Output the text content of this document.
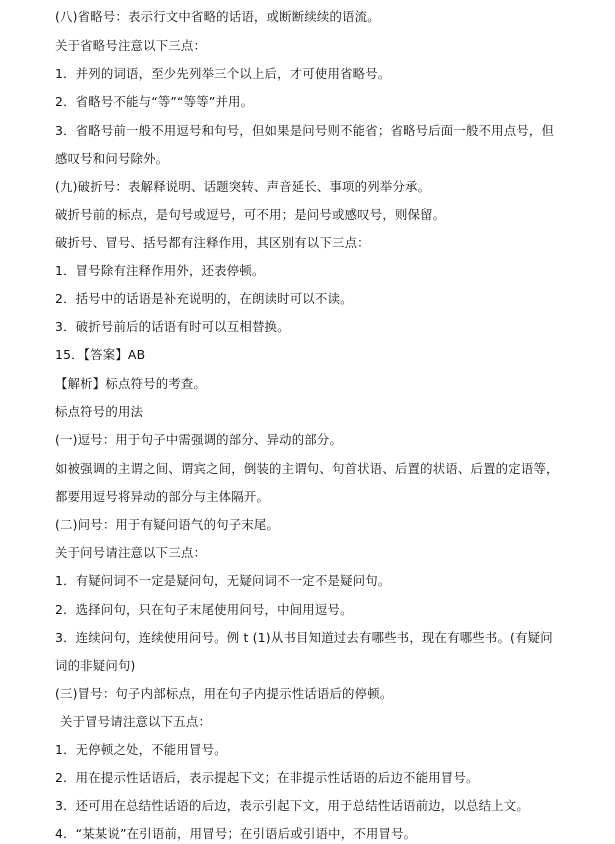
(八)省略号：表示行文中省略的话语，或断断续续的语流。
关于省略号注意以下三点：
1．并列的词语，至少先列举三个以上后，才可使用省略号。
2．省略号不能与“等”“等等”并用。
3．省略号前一般不用逗号和句号，但如果是问号则不能省；省略号后面一般不用点号，但
感叹号和问号除外。
(九)破折号：表解释说明、话题突转、声音延长、事项的列举分承。
破折号前的标点，是句号或逗号，可不用；是问号或感叹号，则保留。
破折号、冒号、括号都有注释作用，其区别有以下三点：
1．冒号除有注释作用外，还表停顿。
2．括号中的话语是补充说明的，在朗读时可以不读。
3．破折号前后的话语有时可以互相替换。
15．【答案】AB
【解析】标点符号的考查。
标点符号的用法
(一)逗号：用于句子中需强调的部分、异动的部分。
如被强调的主谓之间、谓宾之间，倒装的主谓句、句首状语、后置的状语、后置的定语等，
都要用逗号将异动的部分与主体隔开。
(二)问号：用于有疑问语气的句子末尾。
关于问号请注意以下三点：
1．有疑问词不一定是疑问句，无疑问词不一定不是疑问句。
2．选择问句，只在句子末尾使用问号，中间用逗号。
3．连续问句，连续使用问号。例 t (1)从书目知道过去有哪些书，现在有哪些书。(有疑问
词的非疑问句)
(三)冒号：句子内部标点，用在句子内提示性话语后的停顿。
关于冒号请注意以下五点：
1．无停顿之处，不能用冒号。
2．用在提示性话语后，表示提起下文；在非提示性话语的后边不能用冒号。
3．还可用在总结性话语的后边，表示引起下文，用于总结性话语前边，以总结上文。
4．“某某说”在引语前，用冒号；在引语后或引语中，不用冒号。
